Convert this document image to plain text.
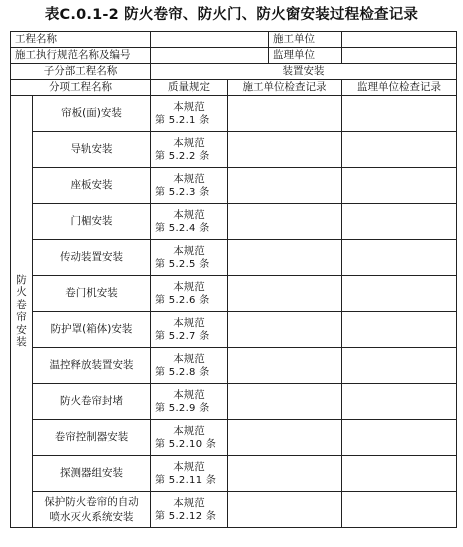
表C.0.1-2 防火卷帘、防火门、防火窗安装过程检查记录
工程名称				施工单位	
施工执行规范名称及编号				监理单位	
子分部工程名称		装置安装			
分项工程名称		质量规定	施工单位检查记录		监理单位检查记录
防火卷帘安装	帘板(面)安装	本规范
第 5.2.1 条			

	导轨安装	本规范
第 5.2.2 条			

	座板安装	本规范
第 5.2.3 条			

	门楣安装	本规范
第 5.2.4 条			

	传动装置安装	本规范
第 5.2.5 条			

	卷门机安装	本规范
第 5.2.6 条			

	防护罩(箱体)安装	本规范
第 5.2.7 条			

	温控释放装置安装	本规范
第 5.2.8 条			

	防火卷帘封堵	本规范
第 5.2.9 条			

	卷帘控制器安装	本规范
第 5.2.10 条			

	探测器组安装	本规范
第 5.2.11 条			

	保护防火卷帘的自动
喷水灭火系统安装	本规范
第 5.2.12 条			
